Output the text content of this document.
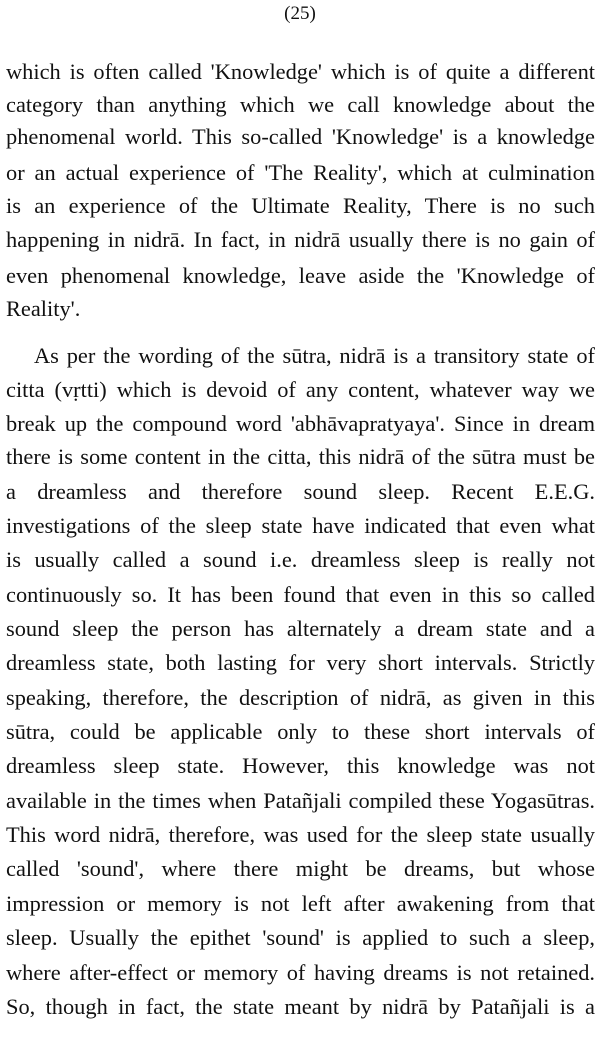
(25)
which is often called 'Knowledge' which is of quite a different
category than anything which we call knowledge about the
phenomenal world. This so-called 'Knowledge' is a knowledge
or an actual experience of 'The Reality', which at culmination
is an experience of the Ultimate Reality, There is no such
happening in nidrā. In fact, in nidrā usually there is no gain of
even phenomenal knowledge, leave aside the 'Knowledge of
Reality'.
As per the wording of the sūtra, nidrā is a transitory state of
citta (vṛtti) which is devoid of any content, whatever way we
break up the compound word 'abhāvapratyaya'. Since in dream
there is some content in the citta, this nidrā of the sūtra must be
a dreamless and therefore sound sleep. Recent E.E.G.
investigations of the sleep state have indicated that even what
is usually called a sound i.e. dreamless sleep is really not
continuously so. It has been found that even in this so called
sound sleep the person has alternately a dream state and a
dreamless state, both lasting for very short intervals. Strictly
speaking, therefore, the description of nidrā, as given in this
sūtra, could be applicable only to these short intervals of
dreamless sleep state. However, this knowledge was not
available in the times when Patañjali compiled these Yogasūtras.
This word nidrā, therefore, was used for the sleep state usually
called 'sound', where there might be dreams, but whose
impression or memory is not left after awakening from that
sleep. Usually the epithet 'sound' is applied to such a sleep,
where after-effect or memory of having dreams is not retained.
So, though in fact, the state meant by nidrā by Patañjali is a
